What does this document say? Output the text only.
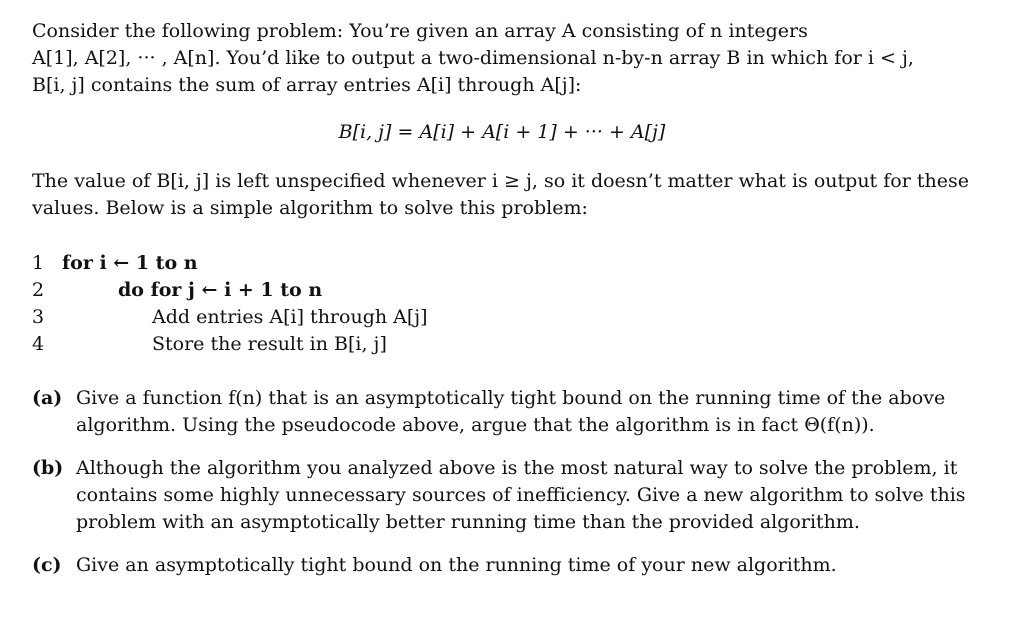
Consider the following problem: You’re given an array A consisting of n integers
A[1], A[2], ··· , A[n]. You’d like to output a two-dimensional n-by-n array B in which for i < j,
B[i, j] contains the sum of array entries A[i] through A[j]:
B[i, j] = A[i] + A[i + 1] + ··· + A[j]
The value of B[i, j] is left unspecified whenever i ≥ j, so it doesn’t matter what is output for these
values. Below is a simple algorithm to solve this problem:
1 for i ← 1 to n
2	do for j ← i + 1 to n
3	Add entries A[i] through A[j]
4	Store the result in B[i, j]
(a) Give a function f(n) that is an asymptotically tight bound on the running time of the above algorithm. Using the pseudocode above, argue that the algorithm is in fact Θ(f(n)).
(b) Although the algorithm you analyzed above is the most natural way to solve the problem, it contains some highly unnecessary sources of inefficiency. Give a new algorithm to solve this problem with an asymptotically better running time than the provided algorithm.
(c) Give an asymptotically tight bound on the running time of your new algorithm.
